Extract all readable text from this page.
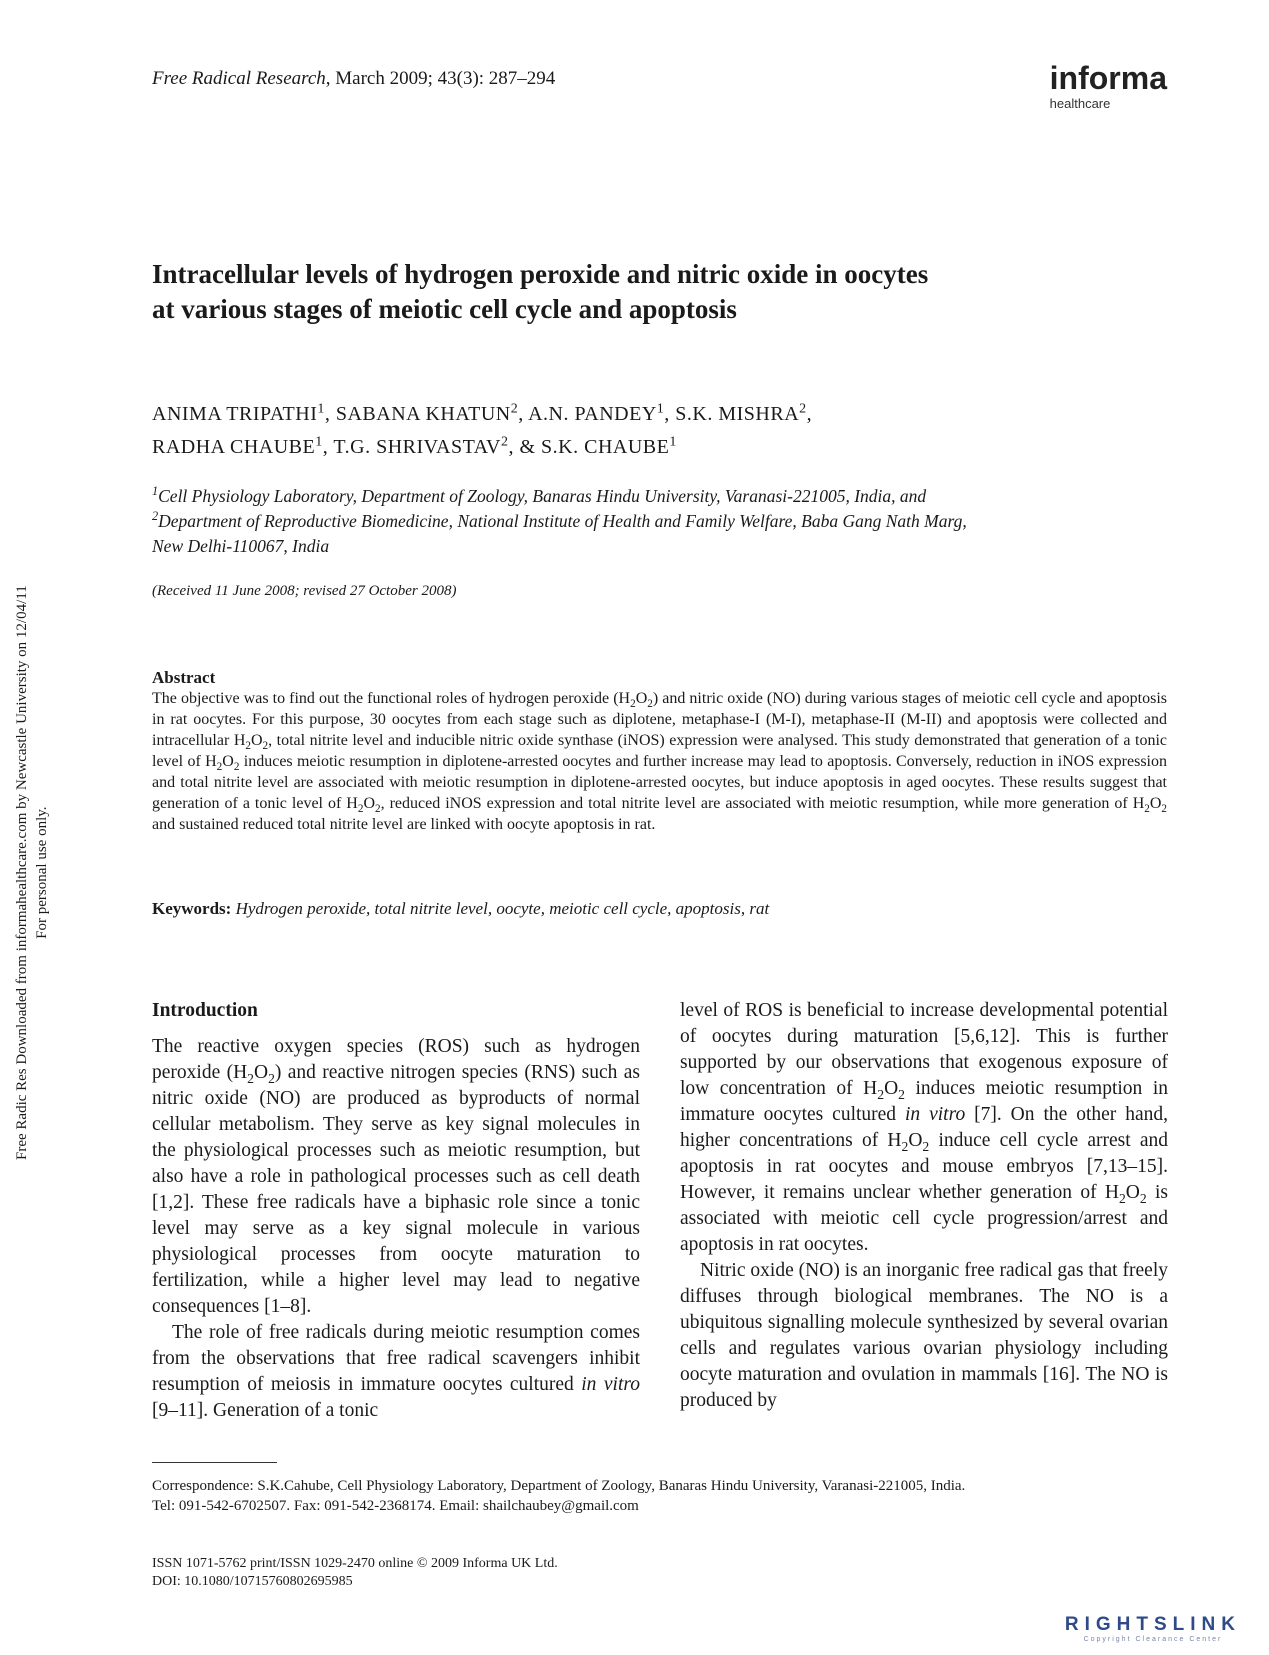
Free Radical Research, March 2009; 43(3): 287–294	informa
healthcare
Free Radic Res Downloaded from informahealthcare.com by Newcastle University on 12/04/11 For personal use only.
Intracellular levels of hydrogen peroxide and nitric oxide in oocytes
at various stages of meiotic cell cycle and apoptosis
ANIMA TRIPATHI$^1$, SABANA KHATUN$^2$, A.N. PANDEY$^1$, S.K. MISHRA$^2$,
RADHA CHAUBE$^1$, T.G. SHRIVASTAV$^2$, & S.K. CHAUBE$^1$
$^1$Cell Physiology Laboratory, Department of Zoology, Banaras Hindu University, Varanasi-221005, India, and
$^2$Department of Reproductive Biomedicine, National Institute of Health and Family Welfare, Baba Gang Nath Marg,
New Delhi-110067, India
(Received 11 June 2008; revised 27 October 2008)
Abstract
The objective was to find out the functional roles of hydrogen peroxide $(H_2O_2)$ and nitric oxide (NO) during various stages of meiotic cell cycle and apoptosis in rat oocytes. For this purpose, 30 oocytes from each stage such as diplotene, metaphase-I (M-I), metaphase-II (M-II) and apoptosis were collected and intracellular $H_2O_2$, total nitrite level and inducible nitric oxide synthase (iNOS) expression were analysed. This study demonstrated that generation of a tonic level of $H_2O_2$ induces meiotic resumption in diplotene-arrested oocytes and further increase may lead to apoptosis. Conversely, reduction in iNOS expression and total nitrite level are associated with meiotic resumption in diplotene-arrested oocytes, but induce apoptosis in aged oocytes. These results suggest that generation of a tonic level of $H_2O_2$, reduced iNOS expression and total nitrite level are associated with meiotic resumption, while more generation of $H_2O_2$ and sustained reduced total nitrite level are linked with oocyte apoptosis in rat.
Keywords: Hydrogen peroxide, total nitrite level, oocyte, meiotic cell cycle, apoptosis, rat
Introduction

The reactive oxygen species (ROS) such as hydrogen peroxide $(H_2O_2)$ and reactive nitrogen species (RNS) such as nitric oxide (NO) are produced as byproducts of normal cellular metabolism. They serve as key signal molecules in the physiological processes such as meiotic resumption, but also have a role in pathological processes such as cell death [1,2]. These free radicals have a biphasic role since a tonic level may serve as a key signal molecule in various physiological processes from oocyte maturation to fertilization, while a higher level may lead to negative consequences [1–8].

The role of free radicals during meiotic resumption comes from the observations that free radical scavengers inhibit resumption of meiosis in immature oocytes cultured in vitro [9–11]. Generation of a tonic

level of ROS is beneficial to increase developmental potential of oocytes during maturation [5,6,12]. This is further supported by our observations that exogenous exposure of low concentration of $H_2O_2$ induces meiotic resumption in immature oocytes cultured in vitro [7]. On the other hand, higher concentrations of $H_2O_2$ induce cell cycle arrest and apoptosis in rat oocytes and mouse embryos [7,13–15]. However, it remains unclear whether generation of $H_2O_2$ is associated with meiotic cell cycle progression/arrest and apoptosis in rat oocytes.

Nitric oxide (NO) is an inorganic free radical gas that freely diffuses through biological membranes. The NO is a ubiquitous signalling molecule synthesized by several ovarian cells and regulates various ovarian physiology including oocyte maturation and ovulation in mammals [16]. The NO is produced by

Correspondence: S.K.Cahube, Cell Physiology Laboratory, Department of Zoology, Banaras Hindu University, Varanasi-221005, India.
Tel: 091-542-6702507. Fax: 091-542-2368174. Email: shailchaubey@gmail.com
ISSN 1071-5762 print/ISSN 1029-2470 online © 2009 Informa UK Ltd.
DOI: 10.1080/10715760802695985
RIGHTSLINK
Copyright Clearance Center
